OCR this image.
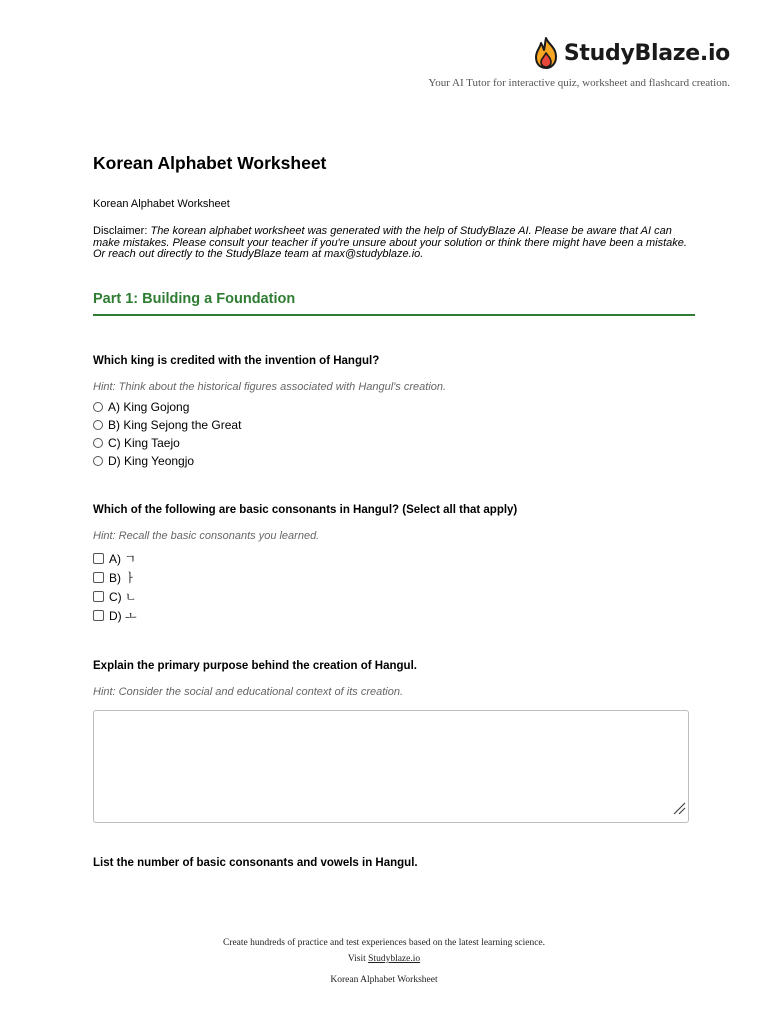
StudyBlaze.io
Your AI Tutor for interactive quiz, worksheet and flashcard creation.
Korean Alphabet Worksheet
Korean Alphabet Worksheet
Disclaimer: The korean alphabet worksheet was generated with the help of StudyBlaze AI. Please be aware that AI can make mistakes. Please consult your teacher if you're unsure about your solution or think there might have been a mistake. Or reach out directly to the StudyBlaze team at max@studyblaze.io.
Part 1: Building a Foundation
Which king is credited with the invention of Hangul?
Hint: Think about the historical figures associated with Hangul's creation.
A) King Gojong
B) King Sejong the Great
C) King Taejo
D) King Yeongjo
Which of the following are basic consonants in Hangul? (Select all that apply)
Hint: Recall the basic consonants you learned.
A) ㄱ
B) ㅏ
C) ㄴ
D) ㅗ
Explain the primary purpose behind the creation of Hangul.
Hint: Consider the social and educational context of its creation.
List the number of basic consonants and vowels in Hangul.
Create hundreds of practice and test experiences based on the latest learning science.
Visit Studyblaze.io
Korean Alphabet Worksheet
